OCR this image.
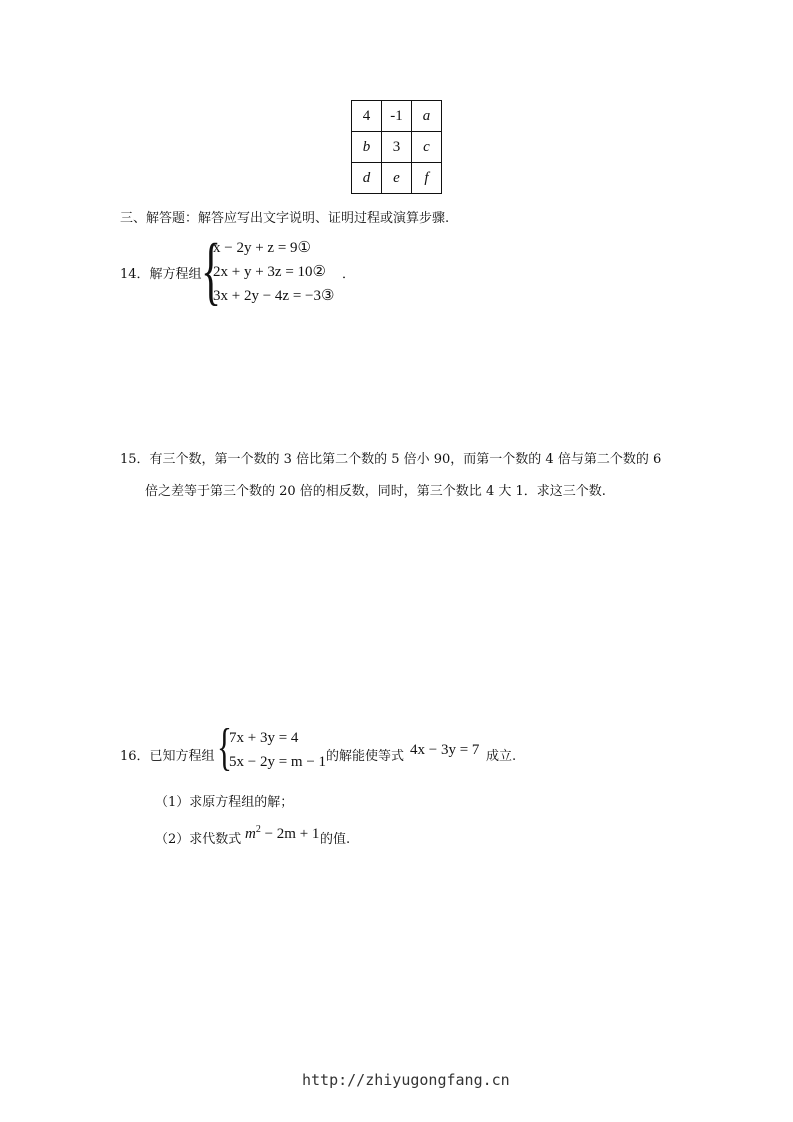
4	-1	a
b	3	c
d	e	f
三、解答题：解答应写出文字说明、证明过程或演算步骤.
14．解方程组 {
x − 2y + z = 9①
2x + y + 3z = 10②
3x + 2y − 4z = −3③
．
15．有三个数，第一个数的 3 倍比第二个数的 5 倍小 90，而第一个数的 4 倍与第二个数的 6
倍之差等于第三个数的 20 倍的相反数，同时，第三个数比 4 大 1．求这三个数.
16．已知方程组 {
7x + 3y = 4
5x − 2y = m − 1 的解能使等式 4x − 3y = 7 成立.
（1）求原方程组的解；
（2）求代数式 $m^2 - 2m + 1$ 的值.
http://zhiyugongfang.cn
